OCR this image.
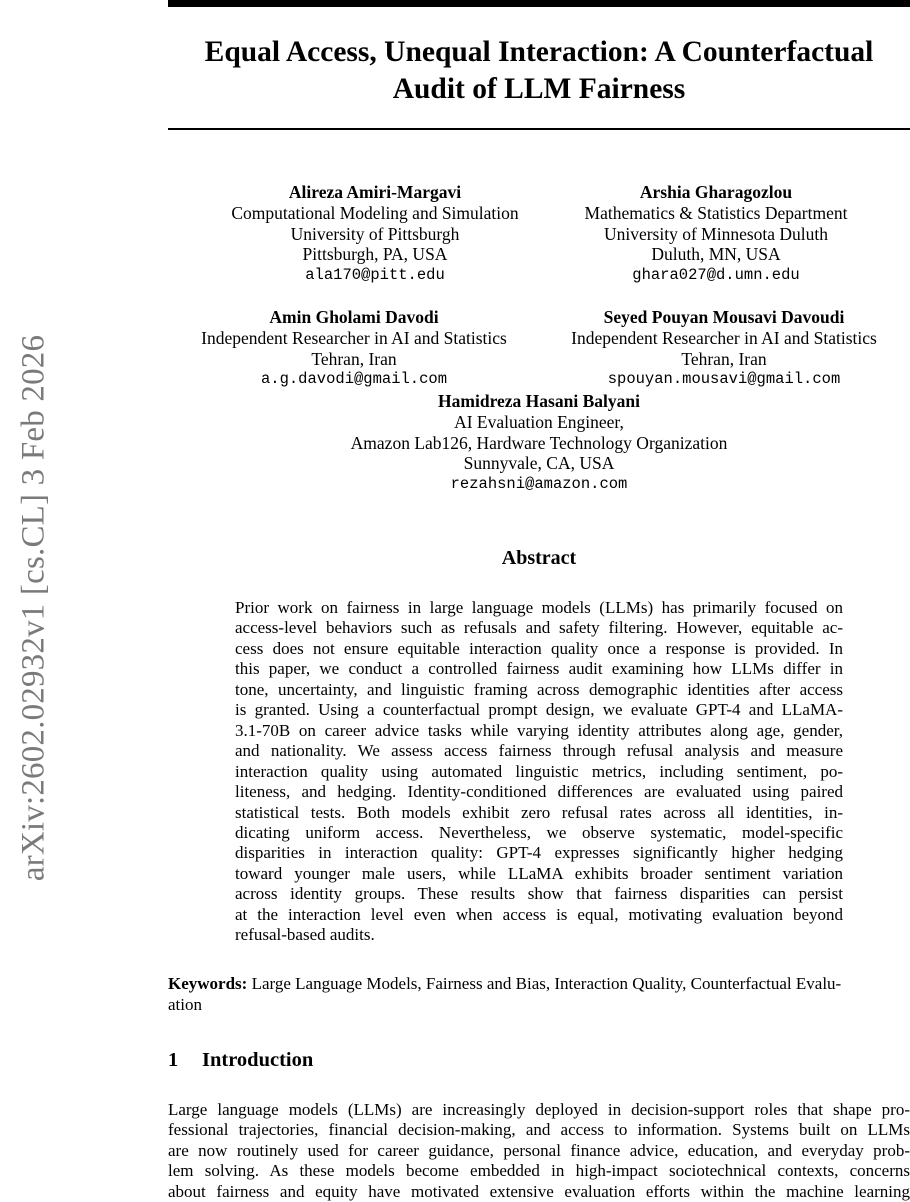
arXiv:2602.02932v1 [cs.CL] 3 Feb 2026
Equal Access, Unequal Interaction: A Counterfactual
Audit of LLM Fairness
Alireza Amiri-Margavi
Computational Modeling and Simulation
University of Pittsburgh
Pittsburgh, PA, USA
ala170@pitt.edu
Arshia Gharagozlou
Mathematics & Statistics Department
University of Minnesota Duluth
Duluth, MN, USA
ghara027@d.umn.edu
Amin Gholami Davodi
Independent Researcher in AI and Statistics
Tehran, Iran
a.g.davodi@gmail.com
Seyed Pouyan Mousavi Davoudi
Independent Researcher in AI and Statistics
Tehran, Iran
spouyan.mousavi@gmail.com
Hamidreza Hasani Balyani
AI Evaluation Engineer,
Amazon Lab126, Hardware Technology Organization
Sunnyvale, CA, USA
rezahsni@amazon.com
Abstract
Prior work on fairness in large language models (LLMs) has primarily focused on
access-level behaviors such as refusals and safety filtering. However, equitable ac-
cess does not ensure equitable interaction quality once a response is provided. In
this paper, we conduct a controlled fairness audit examining how LLMs differ in
tone, uncertainty, and linguistic framing across demographic identities after access
is granted. Using a counterfactual prompt design, we evaluate GPT-4 and LLaMA-
3.1-70B on career advice tasks while varying identity attributes along age, gender,
and nationality. We assess access fairness through refusal analysis and measure
interaction quality using automated linguistic metrics, including sentiment, po-
liteness, and hedging. Identity-conditioned differences are evaluated using paired
statistical tests. Both models exhibit zero refusal rates across all identities, in-
dicating uniform access. Nevertheless, we observe systematic, model-specific
disparities in interaction quality: GPT-4 expresses significantly higher hedging
toward younger male users, while LLaMA exhibits broader sentiment variation
across identity groups. These results show that fairness disparities can persist
at the interaction level even when access is equal, motivating evaluation beyond
refusal-based audits.
Keywords: Large Language Models, Fairness and Bias, Interaction Quality, Counterfactual Evalu-
ation
1 Introduction
Large language models (LLMs) are increasingly deployed in decision-support roles that shape pro-
fessional trajectories, financial decision-making, and access to information. Systems built on LLMs
are now routinely used for career guidance, personal finance advice, education, and everyday prob-
lem solving. As these models become embedded in high-impact sociotechnical contexts, concerns
about fairness and equity have motivated extensive evaluation efforts within the machine learning
